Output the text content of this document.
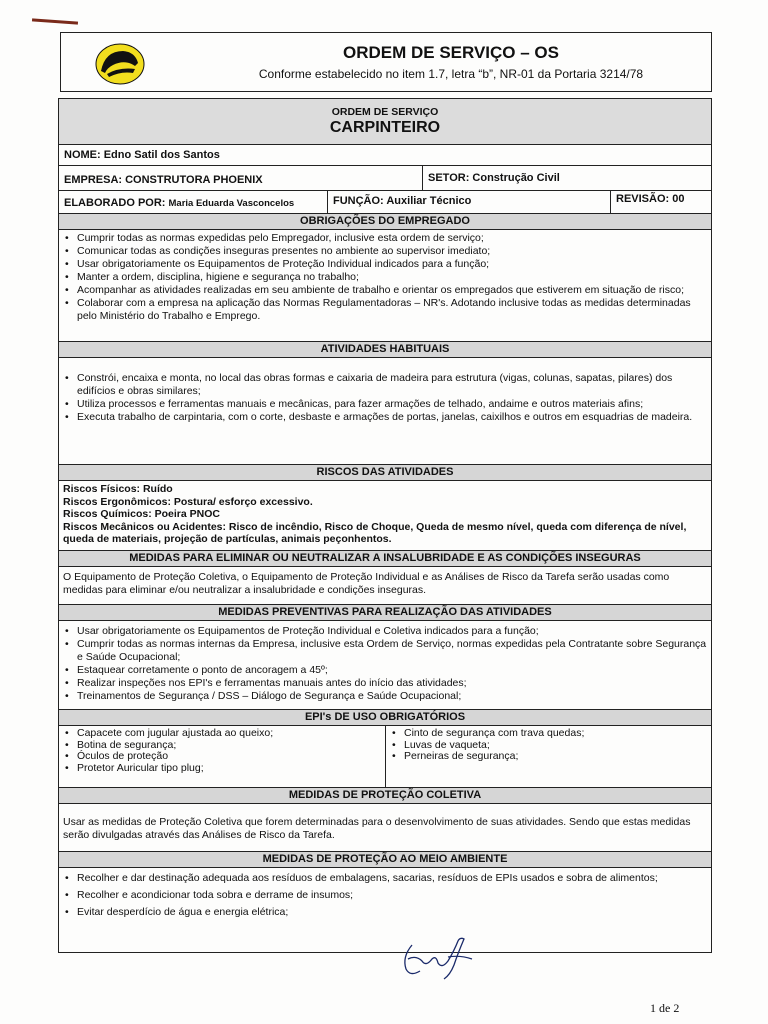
ORDEM DE SERVIÇO – OS
Conforme estabelecido no item 1.7, letra “b”, NR-01 da Portaria 3214/78
ORDEM DE SERVIÇO
CARPINTEIRO
NOME: Edno Satil dos Santos
EMPRESA: CONSTRUTORA PHOENIX	SETOR: Construção Civil
ELABORADO POR: Maria Eduarda Vasconcelos	FUNÇÃO: Auxiliar Técnico	REVISÃO: 00
OBRIGAÇÕES DO EMPREGADO
• Cumprir todas as normas expedidas pelo Empregador, inclusive esta ordem de serviço;
• Comunicar todas as condições inseguras presentes no ambiente ao supervisor imediato;
• Usar obrigatoriamente os Equipamentos de Proteção Individual indicados para a função;
• Manter a ordem, disciplina, higiene e segurança no trabalho;
• Acompanhar as atividades realizadas em seu ambiente de trabalho e orientar os empregados que estiverem em situação de risco;
• Colaborar com a empresa na aplicação das Normas Regulamentadoras – NR's. Adotando inclusive todas as medidas determinadas pelo Ministério do Trabalho e Emprego.
ATIVIDADES HABITUAIS
• Constrói, encaixa e monta, no local das obras formas e caixaria de madeira para estrutura (vigas, colunas, sapatas, pilares) dos edifícios e obras similares;
• Utiliza processos e ferramentas manuais e mecânicas, para fazer armações de telhado, andaime e outros materiais afins;
• Executa trabalho de carpintaria, com o corte, desbaste e armações de portas, janelas, caixilhos e outros em esquadrias de madeira.
RISCOS DAS ATIVIDADES
Riscos Físicos: Ruído
Riscos Ergonômicos: Postura/ esforço excessivo.
Riscos Químicos: Poeira PNOC
Riscos Mecânicos ou Acidentes: Risco de incêndio, Risco de Choque, Queda de mesmo nível, queda com diferença de nível, queda de materiais, projeção de partículas, animais peçonhentos.
MEDIDAS PARA ELIMINAR OU NEUTRALIZAR A INSALUBRIDADE E AS CONDIÇÕES INSEGURAS
O Equipamento de Proteção Coletiva, o Equipamento de Proteção Individual e as Análises de Risco da Tarefa serão usadas como medidas para eliminar e/ou neutralizar a insalubridade e condições inseguras.
MEDIDAS PREVENTIVAS PARA REALIZAÇÃO DAS ATIVIDADES
• Usar obrigatoriamente os Equipamentos de Proteção Individual e Coletiva indicados para a função;
• Cumprir todas as normas internas da Empresa, inclusive esta Ordem de Serviço, normas expedidas pela Contratante sobre Segurança e Saúde Ocupacional;
• Estaquear corretamente o ponto de ancoragem a 45º;
• Realizar inspeções nos EPI's e ferramentas manuais antes do início das atividades;
• Treinamentos de Segurança / DSS – Diálogo de Segurança e Saúde Ocupacional;
EPI's DE USO OBRIGATÓRIOS
• Capacete com jugular ajustada ao queixo;
• Botina de segurança;
• Óculos de proteção
• Protetor Auricular tipo plug;
• Cinto de segurança com trava quedas;
• Luvas de vaqueta;
• Perneiras de segurança;
MEDIDAS DE PROTEÇÃO COLETIVA
Usar as medidas de Proteção Coletiva que forem determinadas para o desenvolvimento de suas atividades. Sendo que estas medidas serão divulgadas através das Análises de Risco da Tarefa.
MEDIDAS DE PROTEÇÃO AO MEIO AMBIENTE
• Recolher e dar destinação adequada aos resíduos de embalagens, sacarias, resíduos de EPIs usados e sobra de alimentos;
• Recolher e acondicionar toda sobra e derrame de insumos;
• Evitar desperdício de água e energia elétrica;
1 de 2
